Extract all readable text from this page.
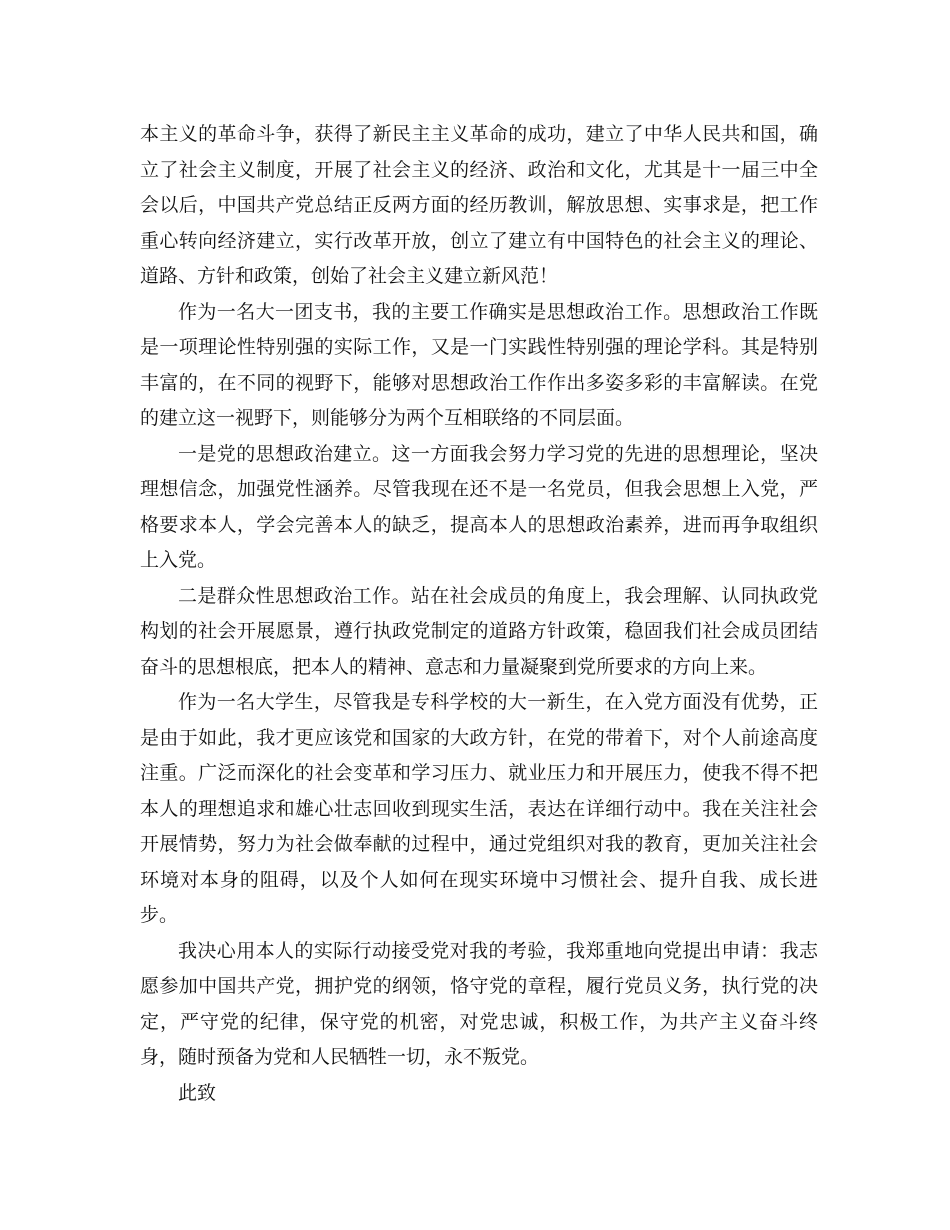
本主义的革命斗争，获得了新民主主义革命的成功，建立了中华人民共和国，确立了社会主义制度，开展了社会主义的经济、政治和文化，尤其是十一届三中全会以后，中国共产党总结正反两方面的经历教训，解放思想、实事求是，把工作重心转向经济建立，实行改革开放，创立了建立有中国特色的社会主义的理论、道路、方针和政策，创始了社会主义建立新风范！

作为一名大一团支书，我的主要工作确实是思想政治工作。思想政治工作既是一项理论性特别强的实际工作，又是一门实践性特别强的理论学科。其是特别丰富的，在不同的视野下，能够对思想政治工作作出多姿多彩的丰富解读。在党的建立这一视野下，则能够分为两个互相联络的不同层面。

一是党的思想政治建立。这一方面我会努力学习党的先进的思想理论，坚决理想信念，加强党性涵养。尽管我现在还不是一名党员，但我会思想上入党，严格要求本人，学会完善本人的缺乏，提高本人的思想政治素养，进而再争取组织上入党。

二是群众性思想政治工作。站在社会成员的角度上，我会理解、认同执政党构划的社会开展愿景，遵行执政党制定的道路方针政策，稳固我们社会成员团结奋斗的思想根底，把本人的精神、意志和力量凝聚到党所要求的方向上来。

作为一名大学生，尽管我是专科学校的大一新生，在入党方面没有优势，正是由于如此，我才更应该党和国家的大政方针，在党的带着下，对个人前途高度注重。广泛而深化的社会变革和学习压力、就业压力和开展压力，使我不得不把本人的理想追求和雄心壮志回收到现实生活，表达在详细行动中。我在关注社会开展情势，努力为社会做奉献的过程中，通过党组织对我的教育，更加关注社会环境对本身的阻碍，以及个人如何在现实环境中习惯社会、提升自我、成长进步。

我决心用本人的实际行动接受党对我的考验，我郑重地向党提出申请：我志愿参加中国共产党，拥护党的纲领，恪守党的章程，履行党员义务，执行党的决定，严守党的纪律，保守党的机密，对党忠诚，积极工作，为共产主义奋斗终身，随时预备为党和人民牺牲一切，永不叛党。

此致
